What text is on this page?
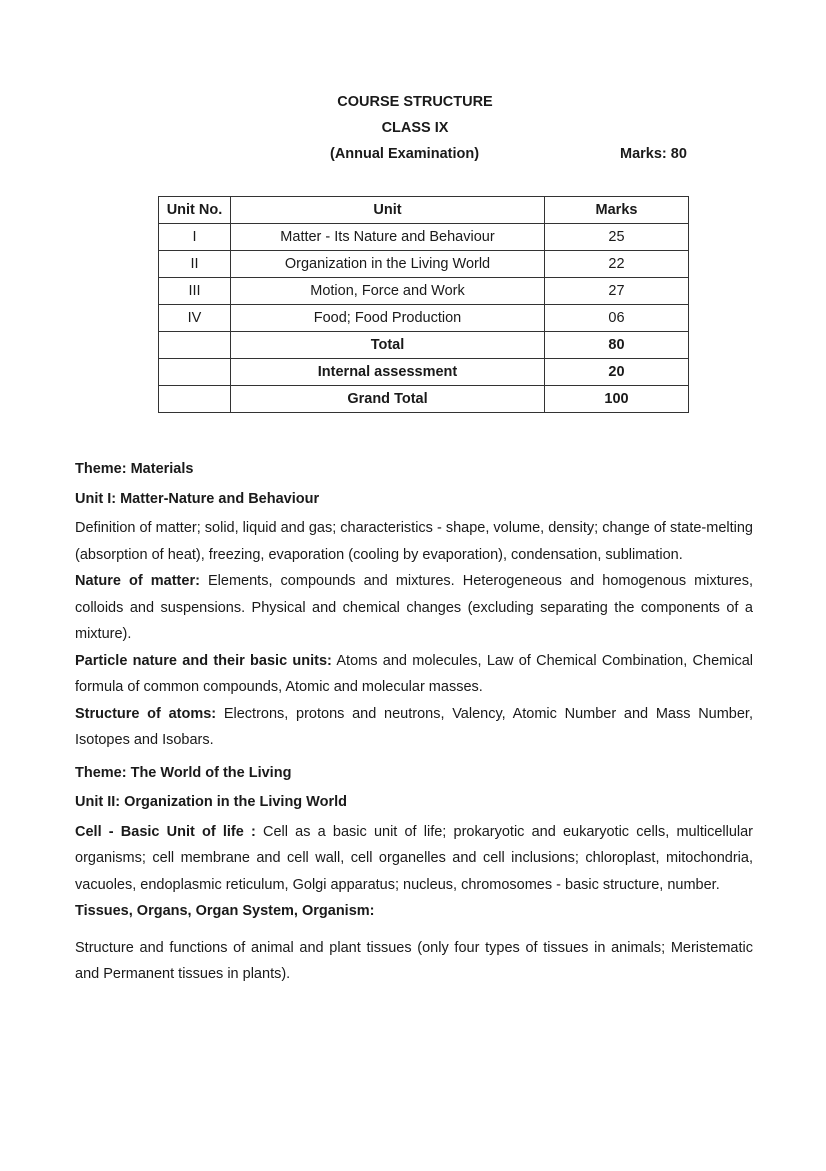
COURSE STRUCTURE
CLASS IX
(Annual Examination)	Marks: 80
Unit No.	Unit	Marks
I	Matter - Its Nature and Behaviour	25
II	Organization in the Living World	22
III	Motion, Force and Work	27
IV	Food; Food Production	06
	Total	80
	Internal assessment	20
	Grand Total	100

Theme: Materials

Unit I: Matter-Nature and Behaviour

Definition of matter; solid, liquid and gas; characteristics - shape, volume, density; change of state-melting (absorption of heat), freezing, evaporation (cooling by evaporation), condensation, sublimation.

Nature of matter: Elements, compounds and mixtures. Heterogeneous and homogenous mixtures, colloids and suspensions. Physical and chemical changes (excluding separating the components of a mixture).

Particle nature and their basic units: Atoms and molecules, Law of Chemical Combination, Chemical formula of common compounds, Atomic and molecular masses.

Structure of atoms: Electrons, protons and neutrons, Valency, Atomic Number and Mass Number, Isotopes and Isobars.

Theme: The World of the Living

Unit II: Organization in the Living World

Cell - Basic Unit of life : Cell as a basic unit of life; prokaryotic and eukaryotic cells, multicellular organisms; cell membrane and cell wall, cell organelles and cell inclusions; chloroplast, mitochondria, vacuoles, endoplasmic reticulum, Golgi apparatus; nucleus, chromosomes - basic structure, number.

Tissues, Organs, Organ System, Organism:

Structure and functions of animal and plant tissues (only four types of tissues in animals; Meristematic and Permanent tissues in plants).
